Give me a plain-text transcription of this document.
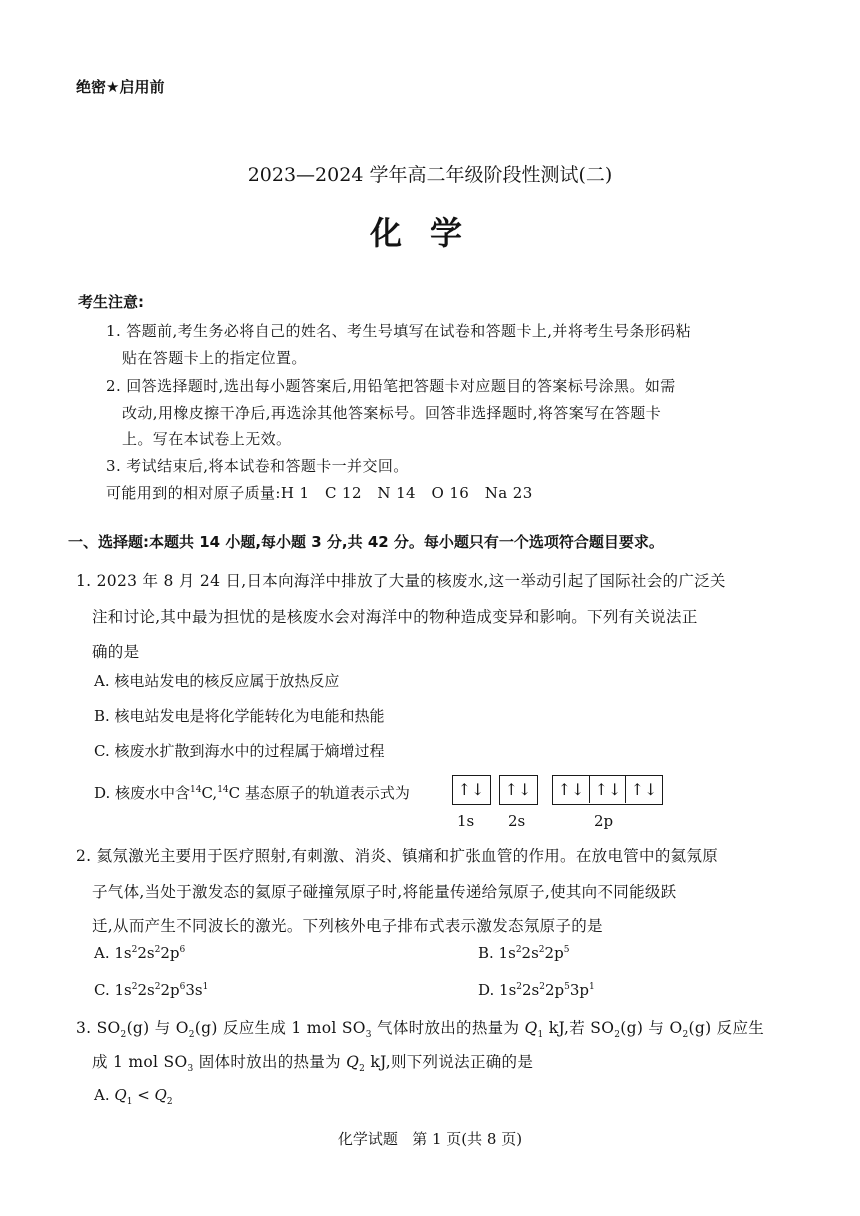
绝密★启用前
2023—2024 学年高二年级阶段性测试(二)
化学
考生注意:
1. 答题前,考生务必将自己的姓名、考生号填写在试卷和答题卡上,并将考生号条形码粘
贴在答题卡上的指定位置。
2. 回答选择题时,选出每小题答案后,用铅笔把答题卡对应题目的答案标号涂黑。如需
改动,用橡皮擦干净后,再选涂其他答案标号。回答非选择题时,将答案写在答题卡
上。写在本试卷上无效。
3. 考试结束后,将本试卷和答题卡一并交回。
可能用到的相对原子质量:H 1   C 12   N 14   O 16   Na 23
一、选择题:本题共 14 小题,每小题 3 分,共 42 分。每小题只有一个选项符合题目要求。
1. 2023 年 8 月 24 日,日本向海洋中排放了大量的核废水,这一举动引起了国际社会的广泛关
注和讨论,其中最为担忧的是核废水会对海洋中的物种造成变异和影响。下列有关说法正
确的是
A. 核电站发电的核反应属于放热反应
B. 核电站发电是将化学能转化为电能和热能
C. 核废水扩散到海水中的过程属于熵增过程
D. 核废水中含$^{14}$C,$^{14}$C 基态原子的轨道表示式为	↑↓ ↑↓ ↑↓ ↑↓ ↑↓
1s 2s	2p
2. 氦氖激光主要用于医疗照射,有刺激、消炎、镇痛和扩张血管的作用。在放电管中的氦氖原
子气体,当处于激发态的氦原子碰撞氖原子时,将能量传递给氖原子,使其向不同能级跃
迁,从而产生不同波长的激光。下列核外电子排布式表示激发态氖原子的是
A. $1s^22s^22p^6$	B. $1s^22s^22p^5$
C. $1s^22s^22p^63s^1$	D. $1s^22s^22p^53p^1$
3. $SO_2(g)$ 与 $O_2(g)$ 反应生成 1 mol $SO_3$ 气体时放出的热量为 $Q_1$ kJ,若 $SO_2(g)$ 与 $O_2(g)$ 反应生
成 1 mol $SO_3$ 固体时放出的热量为 $Q_2$ kJ,则下列说法正确的是
A. $Q_1 < Q_2$
化学试题   第 1 页(共 8 页)
